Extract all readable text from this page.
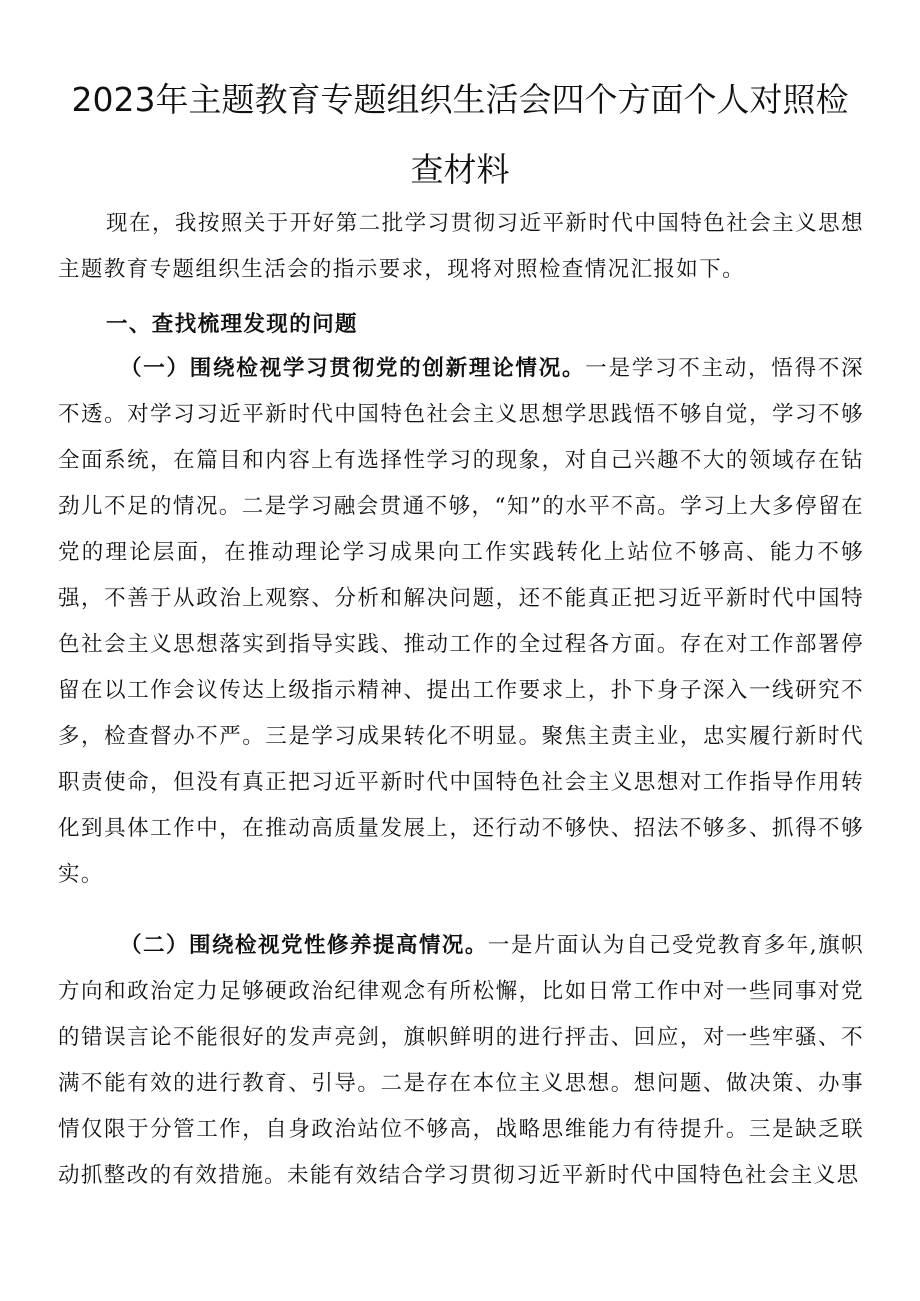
2023年主题教育专题组织生活会四个方面个人对照检
查材料

现在，我按照关于开好第二批学习贯彻习近平新时代中国特色社会主义思想主题教育专题组织生活会的指示要求，现将对照检查情况汇报如下。

一、查找梳理发现的问题

（一）围绕检视学习贯彻党的创新理论情况。一是学习不主动，悟得不深不透。对学习习近平新时代中国特色社会主义思想学思践悟不够自觉，学习不够全面系统，在篇目和内容上有选择性学习的现象，对自己兴趣不大的领域存在钻劲儿不足的情况。二是学习融会贯通不够，“知”的水平不高。学习上大多停留在党的理论层面，在推动理论学习成果向工作实践转化上站位不够高、能力不够强，不善于从政治上观察、分析和解决问题，还不能真正把习近平新时代中国特色社会主义思想落实到指导实践、推动工作的全过程各方面。存在对工作部署停留在以工作会议传达上级指示精神、提出工作要求上，扑下身子深入一线研究不多，检查督办不严。三是学习成果转化不明显。聚焦主责主业，忠实履行新时代职责使命，但没有真正把习近平新时代中国特色社会主义思想对工作指导作用转化到具体工作中，在推动高质量发展上，还行动不够快、招法不够多、抓得不够实。

（二）围绕检视党性修养提高情况。一是片面认为自己受党教育多年,旗帜方向和政治定力足够硬政治纪律观念有所松懈，比如日常工作中对一些同事对党的错误言论不能很好的发声亮剑，旗帜鲜明的进行抨击、回应，对一些牢骚、不满不能有效的进行教育、引导。二是存在本位主义思想。想问题、做决策、办事情仅限于分管工作，自身政治站位不够高，战略思维能力有待提升。三是缺乏联动抓整改的有效措施。未能有效结合学习贯彻习近平新时代中国特色社会主义思
